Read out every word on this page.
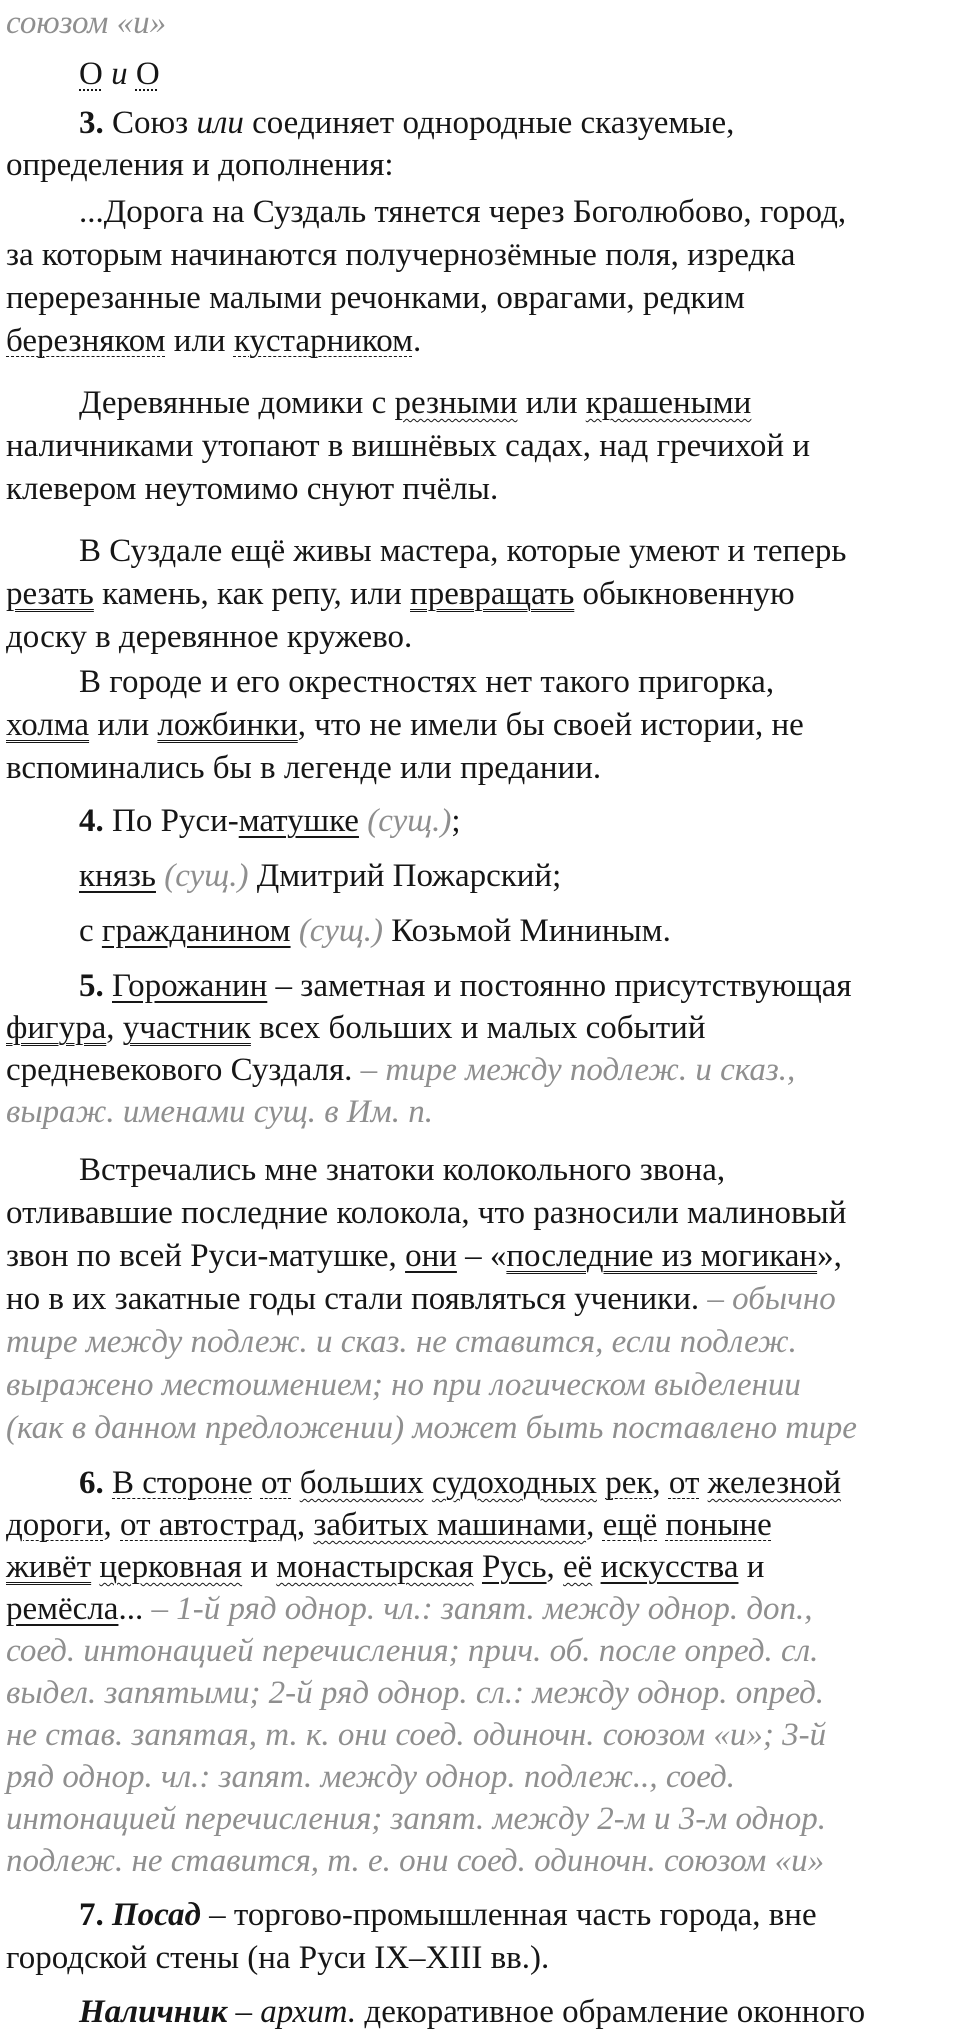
союзом «и»
О и О
3. Союз или соединяет однородные сказуемые,
определения и дополнения:
...Дорога на Суздаль тянется через Боголюбово, город,
за которым начинаются получернозёмные поля, изредка
перерезанные малыми речонками, оврагами, редким
березняком или кустарником.
Деревянные домики с резными или крашеными
наличниками утопают в вишнёвых садах, над гречихой и
клевером неутомимо снуют пчёлы.
В Суздале ещё живы мастера, которые умеют и теперь
резать камень, как репу, или превращать обыкновенную
доску в деревянное кружево.
В городе и его окрестностях нет такого пригорка,
холма или ложбинки, что не имели бы своей истории, не
вспоминались бы в легенде или предании.
4. По Руси-матушке (сущ.);
князь (сущ.) Дмитрий Пожарский;
с гражданином (сущ.) Козьмой Мининым.
5. Горожанин – заметная и постоянно присутствующая
фигура, участник всех больших и малых событий
средневекового Суздаля. – тире между подлеж. и сказ.,
выраж. именами сущ. в Им. п.
Встречались мне знатоки колокольного звона,
отливавшие последние колокола, что разносили малиновый
звон по всей Руси-матушке, они – «последние из могикан»,
но в их закатные годы стали появляться ученики. – обычно
тире между подлеж. и сказ. не ставится, если подлеж.
выражено местоимением; но при логическом выделении
(как в данном предложении) может быть поставлено тире
6. В стороне от больших судоходных рек, от железной
дороги, от автострад, забитых машинами, ещё поныне
живёт церковная и монастырская Русь, её искусства и
ремёсла... – 1-й ряд однор. чл.: запят. между однор. доп.,
соед. интонацией перечисления; прич. об. после опред. сл.
выдел. запятыми; 2-й ряд однор. сл.: между однор. опред.
не став. запятая, т. к. они соед. одиночн. союзом «и»; 3-й
ряд однор. чл.: запят. между однор. подлеж.., соед.
интонацией перечисления; запят. между 2-м и 3-м однор.
подлеж. не ставится, т. е. они соед. одиночн. союзом «и»
7. Посад – торгово-промышленная часть города, вне
городской стены (на Руси IX–XIII вв.).
Наличник – архит. декоративное обрамление оконного
